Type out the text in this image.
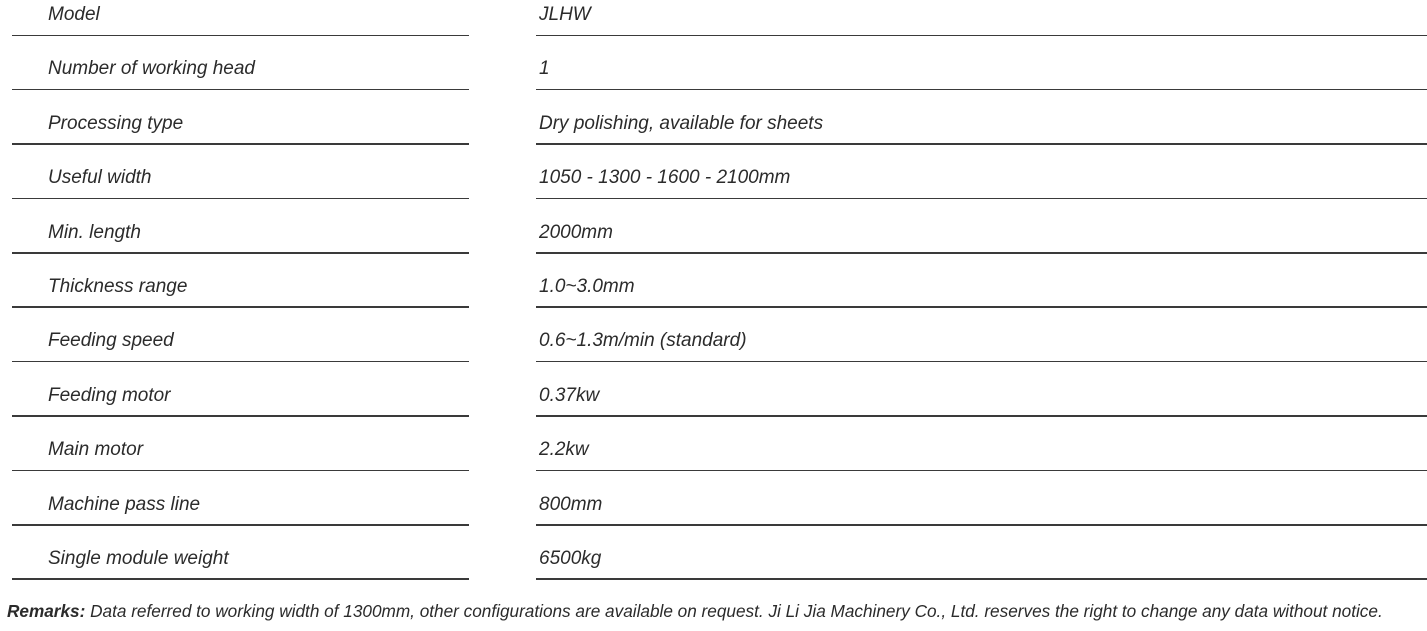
Model	JLHW
Number of working head	1
Processing type	Dry polishing, available for sheets
Useful width	1050 - 1300 - 1600 - 2100mm
Min. length	2000mm
Thickness range	1.0~3.0mm
Feeding speed	0.6~1.3m/min (standard)
Feeding motor	0.37kw
Main motor	2.2kw
Machine pass line	800mm
Single module weight	6500kg
Remarks: Data referred to working width of 1300mm, other configurations are available on request. Ji Li Jia Machinery Co., Ltd. reserves the right to change any data without notice.
